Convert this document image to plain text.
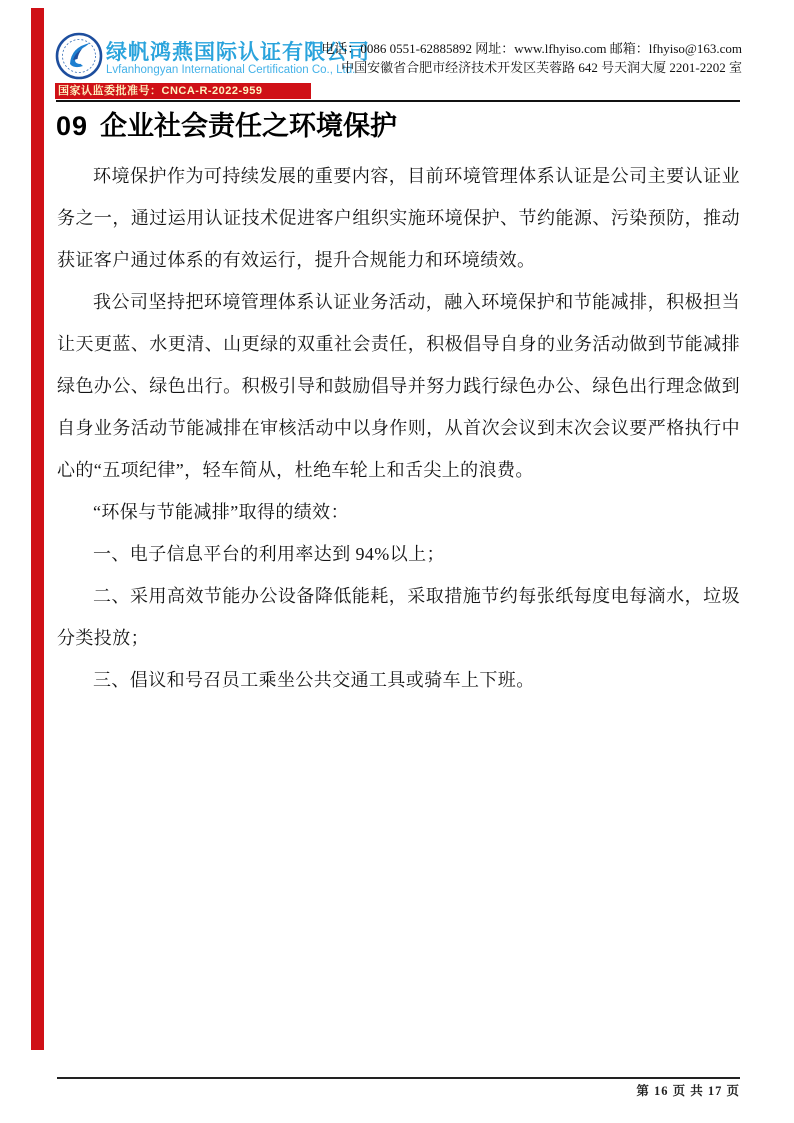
绿帆鸿燕国际认证有限公司
Lvfanhongyan International Certification Co., Ltd.
国家认监委批准号：CNCA-R-2022-959
电话：0086 0551-62885892 网址：www.lfhyiso.com 邮箱：lfhyiso@163.com
中国安徽省合肥市经济技术开发区芙蓉路 642 号天润大厦 2201-2202 室
09 企业社会责任之环境保护

环境保护作为可持续发展的重要内容，目前环境管理体系认证是公司主要认证业务之一，通过运用认证技术促进客户组织实施环境保护、节约能源、污染预防，推动获证客户通过体系的有效运行，提升合规能力和环境绩效。

我公司坚持把环境管理体系认证业务活动，融入环境保护和节能减排，积极担当让天更蓝、水更清、山更绿的双重社会责任，积极倡导自身的业务活动做到节能减排绿色办公、绿色出行。积极引导和鼓励倡导并努力践行绿色办公、绿色出行理念做到自身业务活动节能减排在审核活动中以身作则，从首次会议到末次会议要严格执行中心的“五项纪律”，轻车简从，杜绝车轮上和舌尖上的浪费。

“环保与节能减排”取得的绩效：

一、电子信息平台的利用率达到 94%以上；

二、采用高效节能办公设备降低能耗，采取措施节约每张纸每度电每滴水，垃圾分类投放；

三、倡议和号召员工乘坐公共交通工具或骑车上下班。

第 16 页 共 17 页
